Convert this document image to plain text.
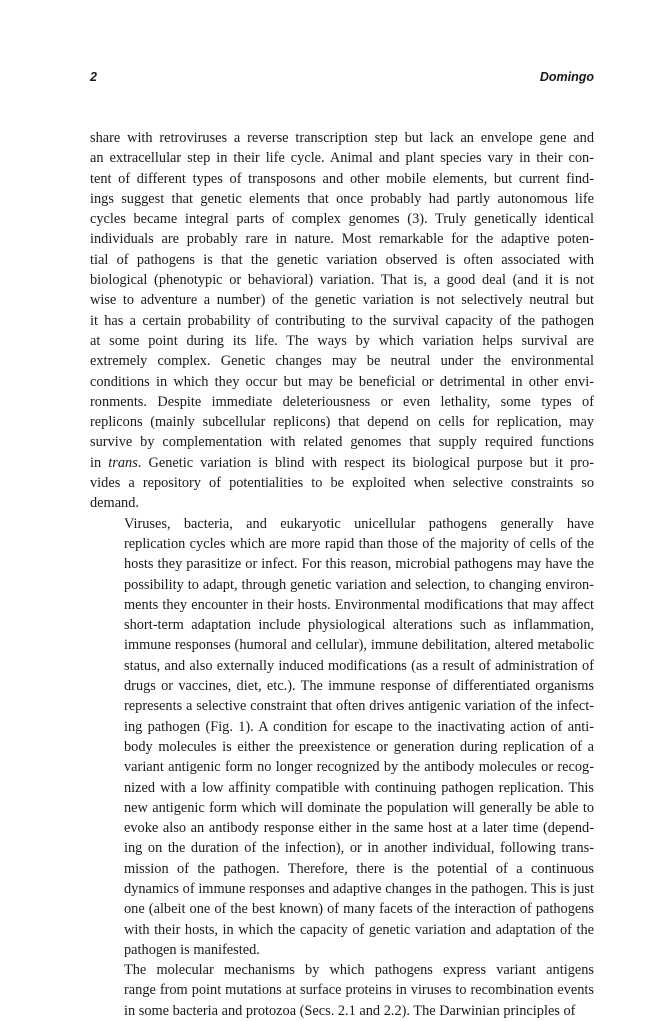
2	Domingo

share with retroviruses a reverse transcription step but lack an envelope gene and
an extracellular step in their life cycle. Animal and plant species vary in their con-
tent of different types of transposons and other mobile elements, but current find-
ings suggest that genetic elements that once probably had partly autonomous life
cycles became integral parts of complex genomes (3). Truly genetically identical
individuals are probably rare in nature. Most remarkable for the adaptive poten-
tial of pathogens is that the genetic variation observed is often associated with
biological (phenotypic or behavioral) variation. That is, a good deal (and it is not
wise to adventure a number) of the genetic variation is not selectively neutral but
it has a certain probability of contributing to the survival capacity of the pathogen
at some point during its life. The ways by which variation helps survival are
extremely complex. Genetic changes may be neutral under the environmental
conditions in which they occur but may be beneficial or detrimental in other envi-
ronments. Despite immediate deleteriousness or even lethality, some types of
replicons (mainly subcellular replicons) that depend on cells for replication, may
survive by complementation with related genomes that supply required functions
in trans. Genetic variation is blind with respect its biological purpose but it pro-
vides a repository of potentialities to be exploited when selective constraints so
demand.

Viruses, bacteria, and eukaryotic unicellular pathogens generally have
replication cycles which are more rapid than those of the majority of cells of the
hosts they parasitize or infect. For this reason, microbial pathogens may have the
possibility to adapt, through genetic variation and selection, to changing environ-
ments they encounter in their hosts. Environmental modifications that may affect
short-term adaptation include physiological alterations such as inflammation,
immune responses (humoral and cellular), immune debilitation, altered metabolic
status, and also externally induced modifications (as a result of administration of
drugs or vaccines, diet, etc.). The immune response of differentiated organisms
represents a selective constraint that often drives antigenic variation of the infect-
ing pathogen (Fig. 1). A condition for escape to the inactivating action of anti-
body molecules is either the preexistence or generation during replication of a
variant antigenic form no longer recognized by the antibody molecules or recog-
nized with a low affinity compatible with continuing pathogen replication. This
new antigenic form which will dominate the population will generally be able to
evoke also an antibody response either in the same host at a later time (depend-
ing on the duration of the infection), or in another individual, following trans-
mission of the pathogen. Therefore, there is the potential of a continuous
dynamics of immune responses and adaptive changes in the pathogen. This is just
one (albeit one of the best known) of many facets of the interaction of pathogens
with their hosts, in which the capacity of genetic variation and adaptation of the
pathogen is manifested.

The molecular mechanisms by which pathogens express variant antigens
range from point mutations at surface proteins in viruses to recombination events
in some bacteria and protozoa (Secs. 2.1 and 2.2). The Darwinian principles of
